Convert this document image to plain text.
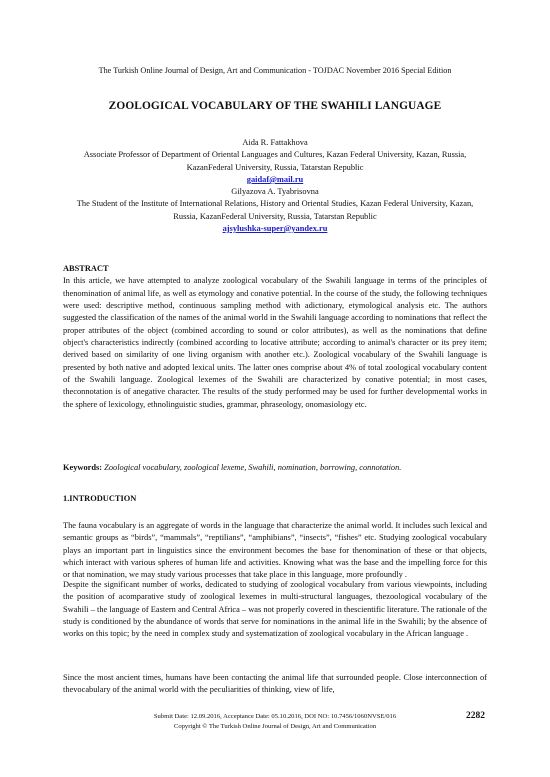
The Turkish Online Journal of Design, Art and Communication - TOJDAC November 2016 Special Edition
ZOOLOGICAL VOCABULARY OF THE SWAHILI LANGUAGE
Aida R. Fattakhova
Associate Professor of Department of Oriental Languages and Cultures, Kazan Federal University, Kazan, Russia, KazanFederal University, Russia, Tatarstan Republic
gaidaf@mail.ru
Gilyazova A. Tyabrisovna
The Student of the Institute of International Relations, History and Oriental Studies, Kazan Federal University, Kazan, Russia, KazanFederal University, Russia, Tatarstan Republic
ajsylushka-super@yandex.ru
ABSTRACT
In this article, we have attempted to analyze zoological vocabulary of the Swahili language in terms of the principles of thenomination of animal life, as well as etymology and conative potential. In the course of the study, the following techniques were used: descriptive method, continuous sampling method with adictionary, etymological analysis etc. The authors suggested the classification of the names of the animal world in the Swahili language according to nominations that reflect the proper attributes of the object (combined according to sound or color attributes), as well as the nominations that define object's characteristics indirectly (combined according to locative attribute; according to animal's character or its prey item; derived based on similarity of one living organism with another etc.). Zoological vocabulary of the Swahili language is presented by both native and adopted lexical units. The latter ones comprise about 4% of total zoological vocabulary content of the Swahili language. Zoological lexemes of the Swahili are characterized by conative potential; in most cases, theconnotation is of anegative character. The results of the study performed may be used for further developmental works in the sphere of lexicology, ethnolinguistic studies, grammar, phraseology, onomasiology etc.
Keywords: Zoological vocabulary, zoological lexeme, Swahili, nomination, borrowing, connotation.
1.INTRODUCTION
The fauna vocabulary is an aggregate of words in the language that characterize the animal world. It includes such lexical and semantic groups as “birds”, “mammals”, “reptilians”, “amphibians”, “insects”, “fishes” etc. Studying zoological vocabulary plays an important part in linguistics since the environment becomes the base for thenomination of these or that objects, which interact with various spheres of human life and activities. Knowing what was the base and the impelling force for this or that nomination, we may study various processes that take place in this language, more profoundly .
Despite the significant number of works, dedicated to studying of zoological vocabulary from various viewpoints, including the position of acomparative study of zoological lexemes in multi-structural languages, thezoological vocabulary of the Swahili – the language of Eastern and Central Africa – was not properly covered in thescientific literature. The rationale of the study is conditioned by the abundance of words that serve for nominations in the animal life in the Swahili; by the absence of works on this topic; by the need in complex study and systematization of zoological vocabulary in the African language .
Since the most ancient times, humans have been contacting the animal life that surrounded people. Close interconnection of thevocabulary of the animal world with the peculiarities of thinking, view of life,
Submit Date: 12.09.2016, Acceptance Date: 05.10.2016, DOI NO: 10.7456/1060NVSE/016
Copyright © The Turkish Online Journal of Design, Art and Communication
2282
